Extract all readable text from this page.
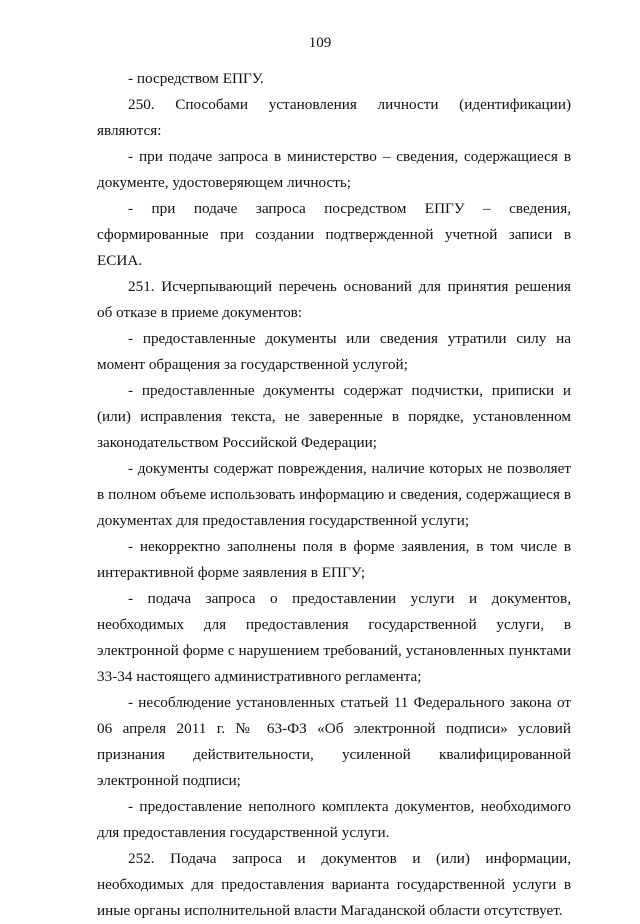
109

- посредством ЕПГУ.

250. Способами установления личности (идентификации) являются:

- при подаче запроса в министерство – сведения, содержащиеся в документе, удостоверяющем личность;

- при подаче запроса посредством ЕПГУ – сведения, сформированные при создании подтвержденной учетной записи в ЕСИА.

251. Исчерпывающий перечень оснований для принятия решения об отказе в приеме документов:

- предоставленные документы или сведения утратили силу на момент обращения за государственной услугой;

- предоставленные документы содержат подчистки, приписки и (или) исправления текста, не заверенные в порядке, установленном законодательством Российской Федерации;

- документы содержат повреждения, наличие которых не позволяет в полном объеме использовать информацию и сведения, содержащиеся в документах для предоставления государственной услуги;

- некорректно заполнены поля в форме заявления, в том числе в интерактивной форме заявления в ЕПГУ;

- подача запроса о предоставлении услуги и документов, необходимых для предоставления государственной услуги, в электронной форме с нарушением требований, установленных пунктами 33-34 настоящего административного регламента;

- несоблюдение установленных статьей 11 Федерального закона от 06 апреля 2011 г. № 63-ФЗ «Об электронной подписи» условий признания действительности, усиленной квалифицированной электронной подписи;

- предоставление неполного комплекта документов, необходимого для предоставления государственной услуги.

252. Подача запроса и документов и (или) информации, необходимых для предоставления варианта государственной услуги в иные органы исполнительной власти Магаданской области отсутствует.
